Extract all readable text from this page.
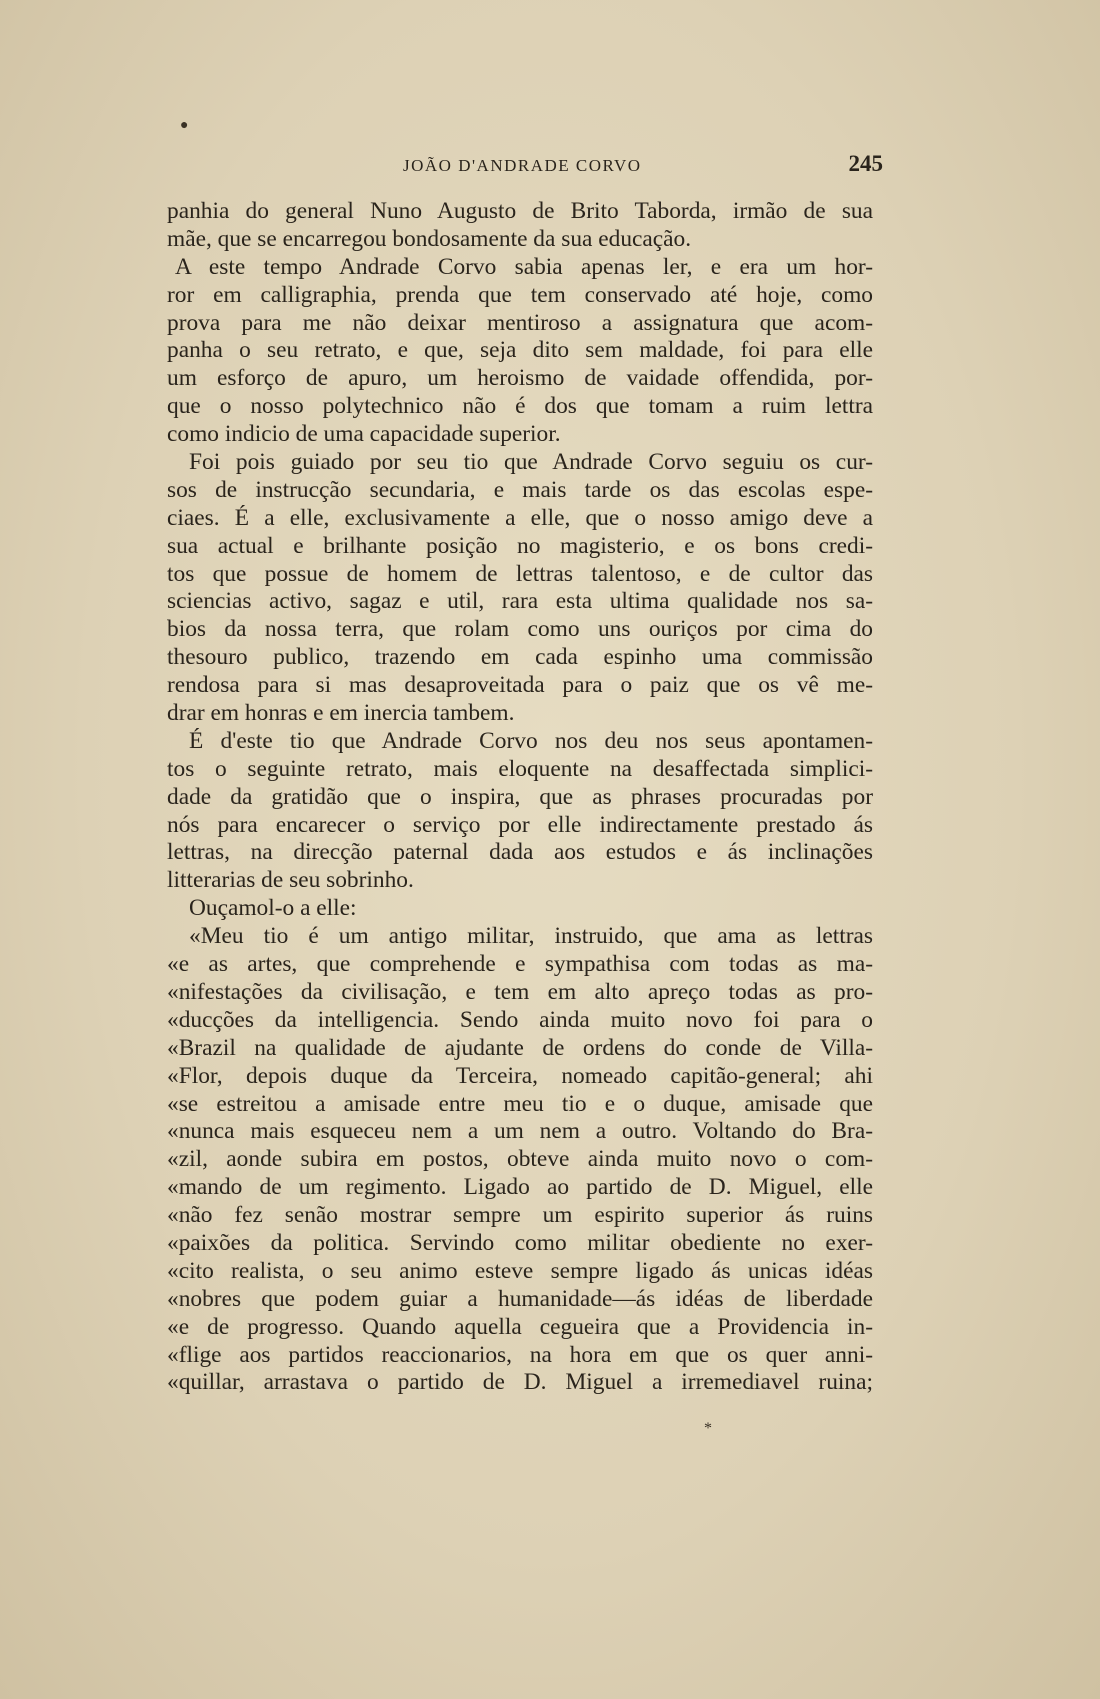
JOÃO D'ANDRADE CORVO	245
panhia do general Nuno Augusto de Brito Taborda, irmão de sua
mãe, que se encarregou bondosamente da sua educação.
A este tempo Andrade Corvo sabia apenas ler, e era um hor-
ror em calligraphia, prenda que tem conservado até hoje, como
prova para me não deixar mentiroso a assignatura que acom-
panha o seu retrato, e que, seja dito sem maldade, foi para elle
um esforço de apuro, um heroismo de vaidade offendida, por-
que o nosso polytechnico não é dos que tomam a ruim lettra
como indicio de uma capacidade superior.
Foi pois guiado por seu tio que Andrade Corvo seguiu os cur-
sos de instrucção secundaria, e mais tarde os das escolas espe-
ciaes. É a elle, exclusivamente a elle, que o nosso amigo deve a
sua actual e brilhante posição no magisterio, e os bons credi-
tos que possue de homem de lettras talentoso, e de cultor das
sciencias activo, sagaz e util, rara esta ultima qualidade nos sa-
bios da nossa terra, que rolam como uns ouriços por cima do
thesouro publico, trazendo em cada espinho uma commissão
rendosa para si mas desaproveitada para o paiz que os vê me-
drar em honras e em inercia tambem.
É d'este tio que Andrade Corvo nos deu nos seus apontamen-
tos o seguinte retrato, mais eloquente na desaffectada simplici-
dade da gratidão que o inspira, que as phrases procuradas por
nós para encarecer o serviço por elle indirectamente prestado ás
lettras, na direcção paternal dada aos estudos e ás inclinações
litterarias de seu sobrinho.
Ouçamol-o a elle:
«Meu tio é um antigo militar, instruido, que ama as lettras
«e as artes, que comprehende e sympathisa com todas as ma-
«nifestações da civilisação, e tem em alto apreço todas as pro-
«ducções da intelligencia. Sendo ainda muito novo foi para o
«Brazil na qualidade de ajudante de ordens do conde de Villa-
«Flor, depois duque da Terceira, nomeado capitão-general; ahi
«se estreitou a amisade entre meu tio e o duque, amisade que
«nunca mais esqueceu nem a um nem a outro. Voltando do Bra-
«zil, aonde subira em postos, obteve ainda muito novo o com-
«mando de um regimento. Ligado ao partido de D. Miguel, elle
«não fez senão mostrar sempre um espirito superior ás ruins
«paixões da politica. Servindo como militar obediente no exer-
«cito realista, o seu animo esteve sempre ligado ás unicas idéas
«nobres que podem guiar a humanidade—ás idéas de liberdade
«e de progresso. Quando aquella cegueira que a Providencia in-
«flige aos partidos reaccionarios, na hora em que os quer anni-
«quillar, arrastava o partido de D. Miguel a irremediavel ruina;
*
●
